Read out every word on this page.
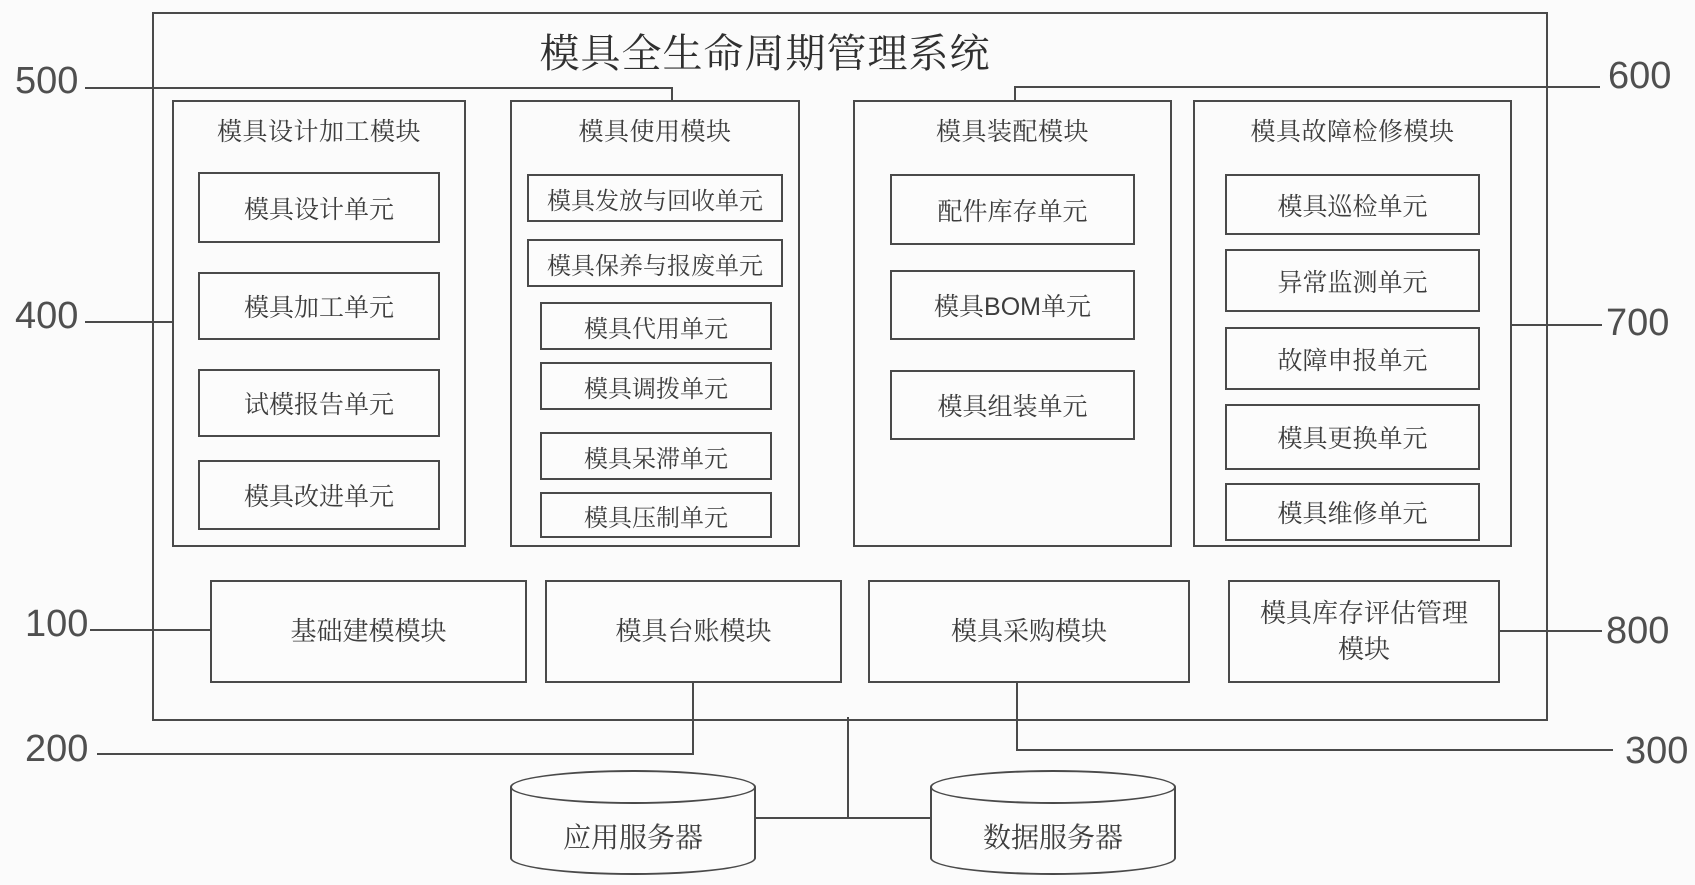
模具全生命周期管理系统
500
400
100
200
600
700
800
300
模具设计加工模块
模具设计单元
模具加工单元
试模报告单元
模具改进单元
模具使用模块
模具发放与回收单元
模具保养与报废单元
模具代用单元
模具调拨单元
模具呆滞单元
模具压制单元
模具装配模块
配件库存单元
模具BOM单元
模具组装单元
模具故障检修模块
模具巡检单元
异常监测单元
故障申报单元
模具更换单元
模具维修单元
基础建模模块	模具台账模块	模具采购模块
模具库存评估管理模块
应用服务器	数据服务器
